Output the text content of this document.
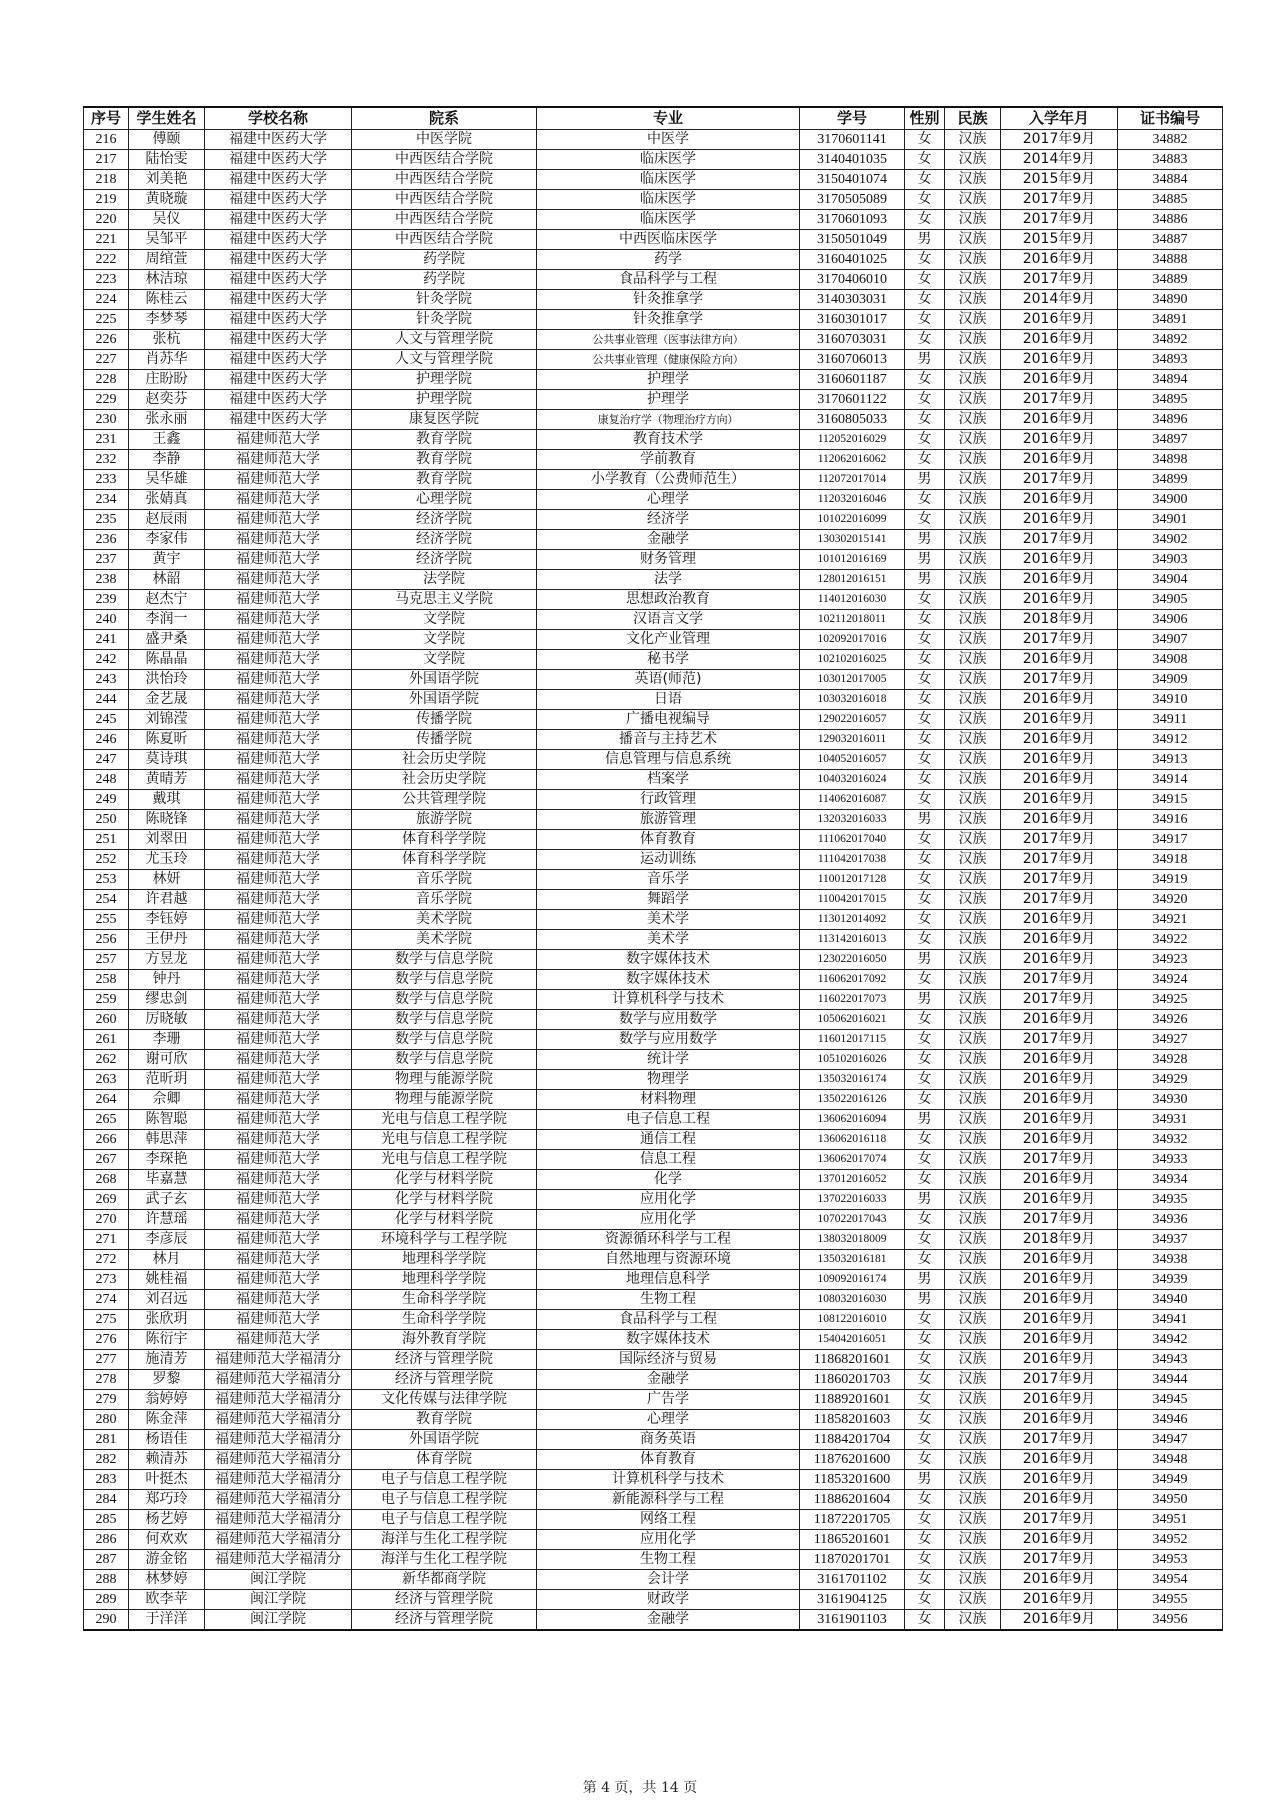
序号	学生姓名	学校名称	院系	专业	学号	性别	民族	入学年月	证书编号
216	傅颐	福建中医药大学	中医学院	中医学	3170601141	女	汉族	2017年9月	34882
217	陆怡雯	福建中医药大学	中西医结合学院	临床医学	3140401035	女	汉族	2014年9月	34883
218	刘美艳	福建中医药大学	中西医结合学院	临床医学	3150401074	女	汉族	2015年9月	34884
219	黄晓璇	福建中医药大学	中西医结合学院	临床医学	3170505089	女	汉族	2017年9月	34885
220	吴仪	福建中医药大学	中西医结合学院	临床医学	3170601093	女	汉族	2017年9月	34886
221	吴邹平	福建中医药大学	中西医结合学院	中西医临床医学	3150501049	男	汉族	2015年9月	34887
222	周绾萱	福建中医药大学	药学院	药学	3160401025	女	汉族	2016年9月	34888
223	林洁琼	福建中医药大学	药学院	食品科学与工程	3170406010	女	汉族	2017年9月	34889
224	陈桂云	福建中医药大学	针灸学院	针灸推拿学	3140303031	女	汉族	2014年9月	34890
225	李梦琴	福建中医药大学	针灸学院	针灸推拿学	3160301017	女	汉族	2016年9月	34891
226	张杭	福建中医药大学	人文与管理学院	公共事业管理（医事法律方向）	3160703031	女	汉族	2016年9月	34892
227	肖苏华	福建中医药大学	人文与管理学院	公共事业管理（健康保险方向）	3160706013	男	汉族	2016年9月	34893
228	庄盼盼	福建中医药大学	护理学院	护理学	3160601187	女	汉族	2016年9月	34894
229	赵奕芬	福建中医药大学	护理学院	护理学	3170601122	女	汉族	2017年9月	34895
230	张永丽	福建中医药大学	康复医学院	康复治疗学（物理治疗方向）	3160805033	女	汉族	2016年9月	34896
231	王鑫	福建师范大学	教育学院	教育技术学	112052016029	女	汉族	2016年9月	34897
232	李静	福建师范大学	教育学院	学前教育	112062016062	女	汉族	2016年9月	34898
233	吴华雄	福建师范大学	教育学院	小学教育（公费师范生）	112072017014	男	汉族	2017年9月	34899
234	张婧真	福建师范大学	心理学院	心理学	112032016046	女	汉族	2016年9月	34900
235	赵辰雨	福建师范大学	经济学院	经济学	101022016099	女	汉族	2016年9月	34901
236	李家伟	福建师范大学	经济学院	金融学	130302015141	男	汉族	2017年9月	34902
237	黄宇	福建师范大学	经济学院	财务管理	101012016169	男	汉族	2016年9月	34903
238	林韶	福建师范大学	法学院	法学	128012016151	男	汉族	2016年9月	34904
239	赵杰宁	福建师范大学	马克思主义学院	思想政治教育	114012016030	女	汉族	2016年9月	34905
240	李润一	福建师范大学	文学院	汉语言文学	102112018011	女	汉族	2018年9月	34906
241	盛尹桑	福建师范大学	文学院	文化产业管理	102092017016	女	汉族	2017年9月	34907
242	陈晶晶	福建师范大学	文学院	秘书学	102102016025	女	汉族	2016年9月	34908
243	洪怡玲	福建师范大学	外国语学院	英语(师范)	103012017005	女	汉族	2017年9月	34909
244	金艺晟	福建师范大学	外国语学院	日语	103032016018	女	汉族	2016年9月	34910
245	刘锦滢	福建师范大学	传播学院	广播电视编导	129022016057	女	汉族	2016年9月	34911
246	陈夏昕	福建师范大学	传播学院	播音与主持艺术	129032016011	女	汉族	2016年9月	34912
247	莫诗琪	福建师范大学	社会历史学院	信息管理与信息系统	104052016057	女	汉族	2016年9月	34913
248	黄晴芳	福建师范大学	社会历史学院	档案学	104032016024	女	汉族	2016年9月	34914
249	戴琪	福建师范大学	公共管理学院	行政管理	114062016087	女	汉族	2016年9月	34915
250	陈晓锋	福建师范大学	旅游学院	旅游管理	132032016033	男	汉族	2016年9月	34916
251	刘翠田	福建师范大学	体育科学学院	体育教育	111062017040	女	汉族	2017年9月	34917
252	尤玉玲	福建师范大学	体育科学学院	运动训练	111042017038	女	汉族	2017年9月	34918
253	林妍	福建师范大学	音乐学院	音乐学	110012017128	女	汉族	2017年9月	34919
254	许君越	福建师范大学	音乐学院	舞蹈学	110042017015	女	汉族	2017年9月	34920
255	李钰婷	福建师范大学	美术学院	美术学	113012014092	女	汉族	2016年9月	34921
256	王伊丹	福建师范大学	美术学院	美术学	113142016013	女	汉族	2016年9月	34922
257	方昱龙	福建师范大学	数学与信息学院	数字媒体技术	123022016050	男	汉族	2016年9月	34923
258	钟丹	福建师范大学	数学与信息学院	数字媒体技术	116062017092	女	汉族	2017年9月	34924
259	缪忠剑	福建师范大学	数学与信息学院	计算机科学与技术	116022017073	男	汉族	2017年9月	34925
260	厉晓敏	福建师范大学	数学与信息学院	数学与应用数学	105062016021	女	汉族	2016年9月	34926
261	李珊	福建师范大学	数学与信息学院	数学与应用数学	116012017115	女	汉族	2017年9月	34927
262	谢可欣	福建师范大学	数学与信息学院	统计学	105102016026	女	汉族	2016年9月	34928
263	范昕玥	福建师范大学	物理与能源学院	物理学	135032016174	女	汉族	2016年9月	34929
264	佘卿	福建师范大学	物理与能源学院	材料物理	135022016126	女	汉族	2016年9月	34930
265	陈智聪	福建师范大学	光电与信息工程学院	电子信息工程	136062016094	男	汉族	2016年9月	34931
266	韩思萍	福建师范大学	光电与信息工程学院	通信工程	136062016118	女	汉族	2016年9月	34932
267	李琛艳	福建师范大学	光电与信息工程学院	信息工程	136062017074	女	汉族	2017年9月	34933
268	毕嘉慧	福建师范大学	化学与材料学院	化学	137012016052	女	汉族	2016年9月	34934
269	武子玄	福建师范大学	化学与材料学院	应用化学	137022016033	男	汉族	2016年9月	34935
270	许慧瑶	福建师范大学	化学与材料学院	应用化学	107022017043	女	汉族	2017年9月	34936
271	李彦辰	福建师范大学	环境科学与工程学院	资源循环科学与工程	138032018009	女	汉族	2018年9月	34937
272	林月	福建师范大学	地理科学学院	自然地理与资源环境	135032016181	女	汉族	2016年9月	34938
273	姚桂福	福建师范大学	地理科学学院	地理信息科学	109092016174	男	汉族	2016年9月	34939
274	刘召远	福建师范大学	生命科学学院	生物工程	108032016030	男	汉族	2016年9月	34940
275	张欣玥	福建师范大学	生命科学学院	食品科学与工程	108122016010	女	汉族	2016年9月	34941
276	陈衍宇	福建师范大学	海外教育学院	数字媒体技术	154042016051	女	汉族	2016年9月	34942
277	施清芳	福建师范大学福清分	经济与管理学院	国际经济与贸易	11868201601	女	汉族	2016年9月	34943
278	罗黎	福建师范大学福清分	经济与管理学院	金融学	11860201703	女	汉族	2017年9月	34944
279	翁婷婷	福建师范大学福清分	文化传媒与法律学院	广告学	11889201601	女	汉族	2016年9月	34945
280	陈金萍	福建师范大学福清分	教育学院	心理学	11858201603	女	汉族	2016年9月	34946
281	杨语佳	福建师范大学福清分	外国语学院	商务英语	11884201704	女	汉族	2017年9月	34947
282	赖清苏	福建师范大学福清分	体育学院	体育教育	11876201600	女	汉族	2016年9月	34948
283	叶挺杰	福建师范大学福清分	电子与信息工程学院	计算机科学与技术	11853201600	男	汉族	2016年9月	34949
284	郑巧玲	福建师范大学福清分	电子与信息工程学院	新能源科学与工程	11886201604	女	汉族	2016年9月	34950
285	杨艺婷	福建师范大学福清分	电子与信息工程学院	网络工程	11872201705	女	汉族	2017年9月	34951
286	何欢欢	福建师范大学福清分	海洋与生化工程学院	应用化学	11865201601	女	汉族	2016年9月	34952
287	游金铭	福建师范大学福清分	海洋与生化工程学院	生物工程	11870201701	女	汉族	2017年9月	34953
288	林梦婷	闽江学院	新华都商学院	会计学	3161701102	女	汉族	2016年9月	34954
289	欧李苹	闽江学院	经济与管理学院	财政学	3161904125	女	汉族	2016年9月	34955
290	于洋洋	闽江学院	经济与管理学院	金融学	3161901103	女	汉族	2016年9月	34956
第 4 页，共 14 页
